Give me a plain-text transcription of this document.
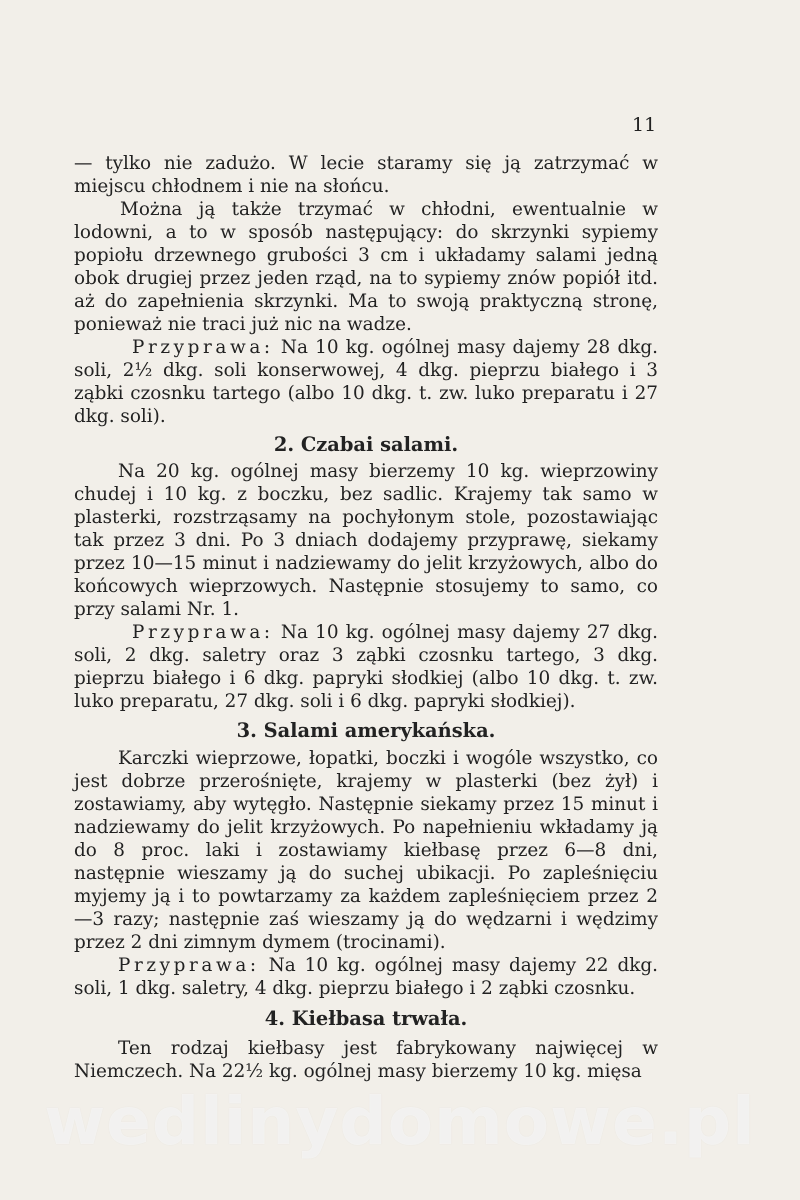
11

— tylko nie zadużo. W lecie staramy się ją zatrzymać w miejscu chłodnem i nie na słońcu.

Można ją także trzymać w chłodni, ewentualnie w lodowni, a to w sposób następujący: do skrzynki sypiemy popiołu drzewnego grubości 3 cm i układamy salami jedną obok drugiej przez jeden rząd, na to sypiemy znów popiół itd. aż do zapełnienia skrzynki. Ma to swoją praktyczną stronę, ponieważ nie traci już nic na wadze.

Przyprawa: Na 10 kg. ogólnej masy dajemy 28 dkg. soli, 2½ dkg. soli konserwowej, 4 dkg. pieprzu białego i 3 ząbki czosnku tartego (albo 10 dkg. t. zw. luko preparatu i 27 dkg. soli).

2. Czabai salami.

Na 20 kg. ogólnej masy bierzemy 10 kg. wieprzowiny chudej i 10 kg. z boczku, bez sadlic. Krajemy tak samo w plasterki, rozstrząsamy na pochyłonym stole, pozostawiając tak przez 3 dni. Po 3 dniach dodajemy przyprawę, siekamy przez 10—15 minut i nadziewamy do jelit krzyżowych, albo do końcowych wieprzowych. Następnie stosujemy to samo, co przy salami Nr. 1.

Przyprawa: Na 10 kg. ogólnej masy dajemy 27 dkg. soli, 2 dkg. saletry oraz 3 ząbki czosnku tartego, 3 dkg. pieprzu białego i 6 dkg. papryki słodkiej (albo 10 dkg. t. zw. luko preparatu, 27 dkg. soli i 6 dkg. papryki słodkiej).

3. Salami amerykańska.

Karczki wieprzowe, łopatki, boczki i wogóle wszystko, co jest dobrze przerośnięte, krajemy w plasterki (bez żył) i zostawiamy, aby wytęgło. Następnie siekamy przez 15 minut i nadziewamy do jelit krzyżowych. Po napełnieniu wkładamy ją do 8 proc. laki i zostawiamy kiełbasę przez 6—8 dni, następnie wieszamy ją do suchej ubikacji. Po zapleśnięciu myjemy ją i to powtarzamy za każdem zapleśnięciem przez 2—3 razy; następnie zaś wieszamy ją do wędzarni i wędzimy przez 2 dni zimnym dymem (trocinami).

Przyprawa: Na 10 kg. ogólnej masy dajemy 22 dkg. soli, 1 dkg. saletry, 4 dkg. pieprzu białego i 2 ząbki czosnku.

4. Kiełbasa trwała.

Ten rodzaj kiełbasy jest fabrykowany najwięcej w Niemczech. Na 22½ kg. ogólnej masy bierzemy 10 kg. mięsa

wedlinydomowe.pl
